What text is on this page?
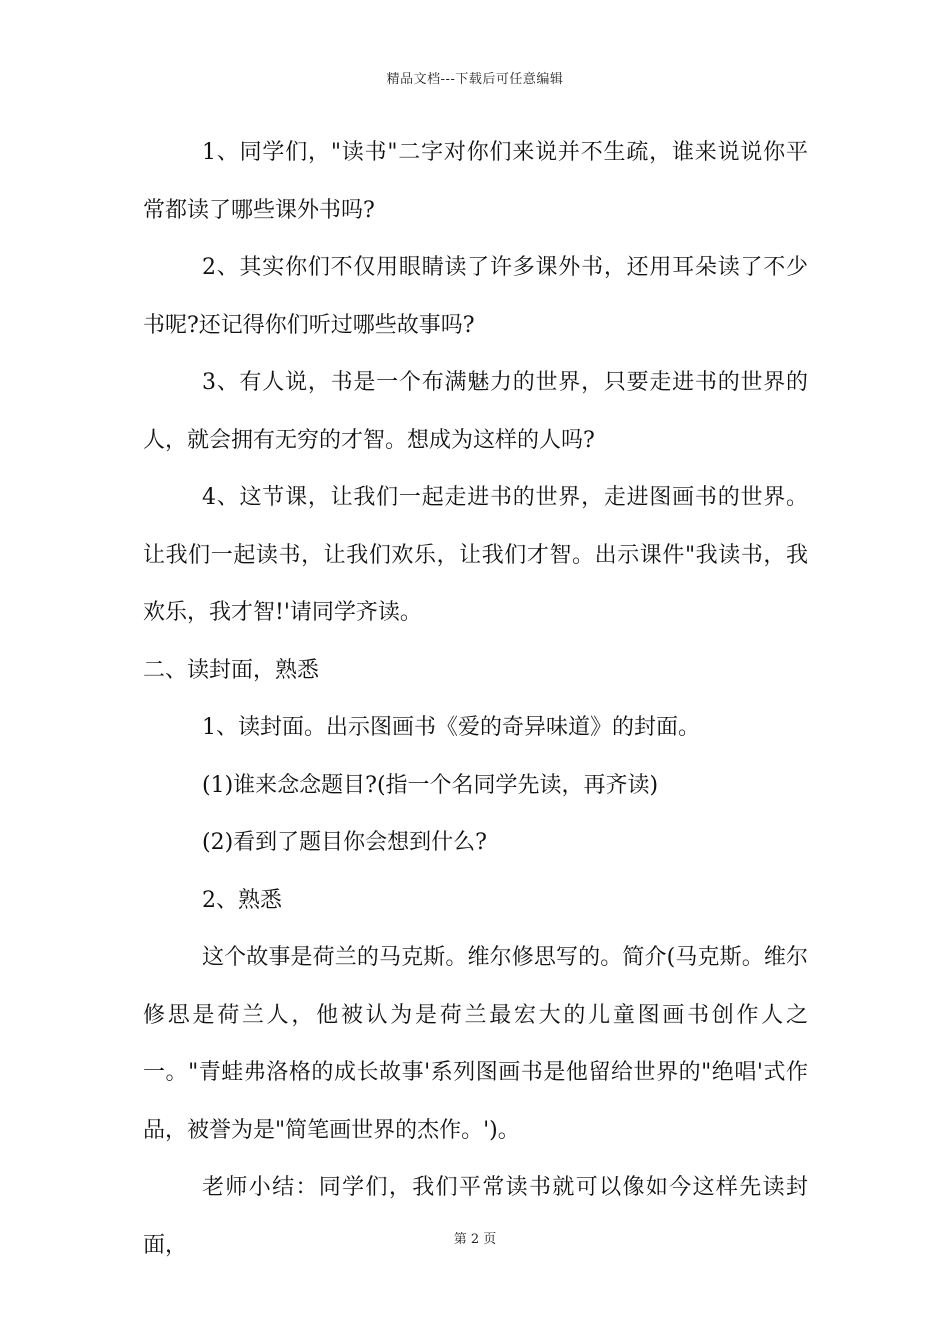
精品文档---下载后可任意编辑

1、同学们，"读书"二字对你们来说并不生疏，谁来说说你平常都读了哪些课外书吗?

2、其实你们不仅用眼睛读了许多课外书，还用耳朵读了不少书呢?还记得你们听过哪些故事吗?

3、有人说，书是一个布满魅力的世界，只要走进书的世界的人，就会拥有无穷的才智。想成为这样的人吗?

4、这节课，让我们一起走进书的世界，走进图画书的世界。让我们一起读书，让我们欢乐，让我们才智。出示课件"我读书，我欢乐，我才智!'请同学齐读。

二、读封面，熟悉

1、读封面。出示图画书《爱的奇异味道》的封面。

(1)谁来念念题目?(指一个名同学先读，再齐读)

(2)看到了题目你会想到什么?

2、熟悉

这个故事是荷兰的马克斯。维尔修思写的。简介(马克斯。维尔修思是荷兰人，他被认为是荷兰最宏大的儿童图画书创作人之一。"青蛙弗洛格的成长故事'系列图画书是他留给世界的"绝唱'式作品，被誉为是"简笔画世界的杰作。')。

老师小结：同学们，我们平常读书就可以像如今这样先读封面，	第 2 页
